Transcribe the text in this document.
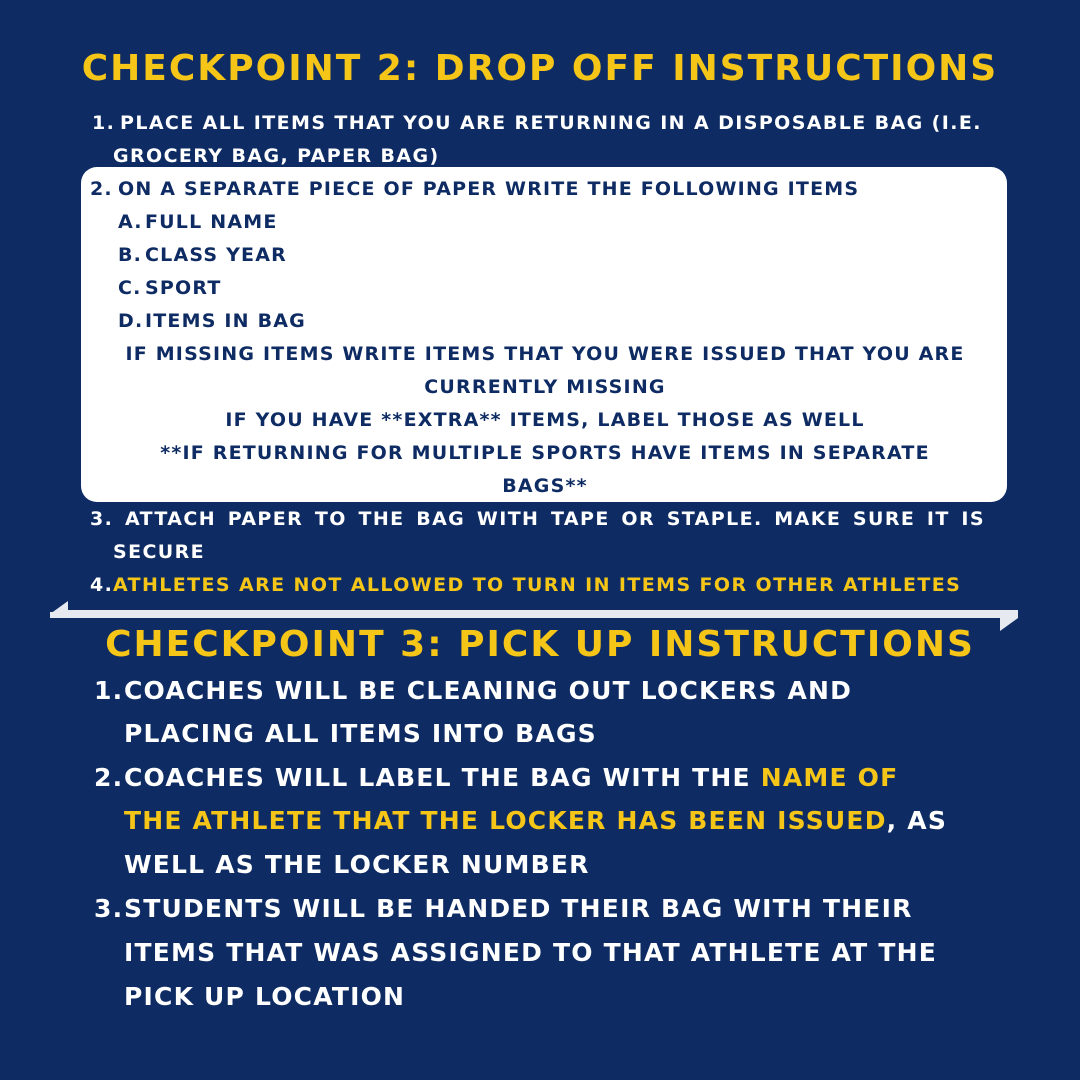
CHECKPOINT 2: DROP OFF INSTRUCTIONS
1. PLACE ALL ITEMS THAT YOU ARE RETURNING IN A DISPOSABLE BAG (I.E.
GROCERY BAG, PAPER BAG)
2. ON A SEPARATE PIECE OF PAPER WRITE THE FOLLOWING ITEMS
A. FULL NAME
B. CLASS YEAR
C. SPORT
D. ITEMS IN BAG
IF MISSING ITEMS WRITE ITEMS THAT YOU WERE ISSUED THAT YOU ARE
CURRENTLY MISSING
IF YOU HAVE **EXTRA** ITEMS, LABEL THOSE AS WELL
**IF RETURNING FOR MULTIPLE SPORTS HAVE ITEMS IN SEPARATE
BAGS**
3. ATTACH PAPER TO THE BAG WITH TAPE OR STAPLE. MAKE SURE IT IS
SECURE
4. ATHLETES ARE NOT ALLOWED TO TURN IN ITEMS FOR OTHER ATHLETES
CHECKPOINT 3: PICK UP INSTRUCTIONS
1. COACHES WILL BE CLEANING OUT LOCKERS AND
PLACING ALL ITEMS INTO BAGS
2. COACHES WILL LABEL THE BAG WITH THE NAME OF
THE ATHLETE THAT THE LOCKER HAS BEEN ISSUED, AS
WELL AS THE LOCKER NUMBER
3. STUDENTS WILL BE HANDED THEIR BAG WITH THEIR
ITEMS THAT WAS ASSIGNED TO THAT ATHLETE AT THE
PICK UP LOCATION
